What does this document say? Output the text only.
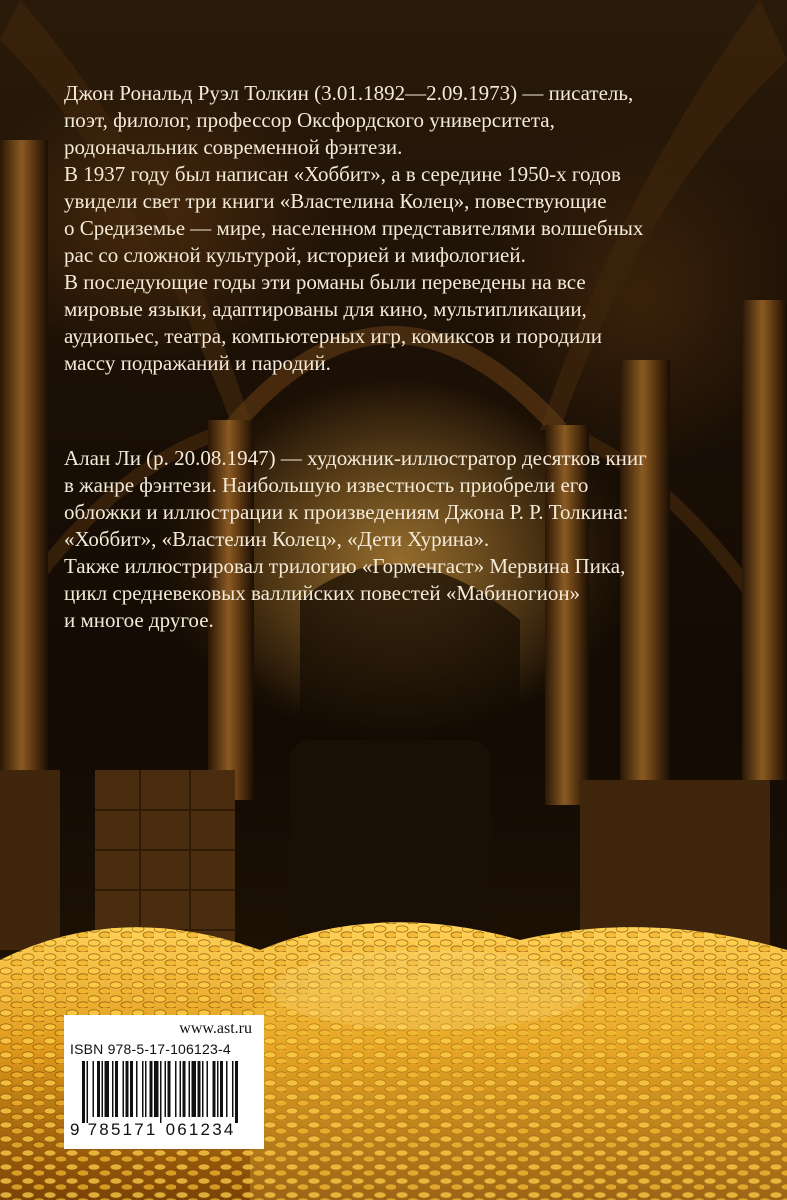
Джон Рональд Руэл Толкин (3.01.1892—2.09.1973) — писатель,

поэт, филолог, профессор Оксфордского университета,

родоначальник современной фэнтези.

В 1937 году был написан «Хоббит», а в середине 1950-х годов

увидели свет три книги «Властелина Колец», повествующие

о Средиземье — мире, населенном представителями волшебных

рас со сложной культурой, историей и мифологией.

В последующие годы эти романы были переведены на все

мировые языки, адаптированы для кино, мультипликации,

аудиопьес, театра, компьютерных игр, комиксов и породили

массу подражаний и пародий.

Алан Ли (р. 20.08.1947) — художник-иллюстратор десятков книг

в жанре фэнтези. Наибольшую известность приобрели его

обложки и иллюстрации к произведениям Джона Р. Р. Толкина:

«Хоббит», «Властелин Колец», «Дети Хурина».

Также иллюстрировал трилогию «Горменгаст» Мервина Пика,

цикл средневековых валлийских повестей «Мабиногион»

и многое другое.

www.ast.ru
ISBN 978-5-17-106123-4
9 785171 061234
